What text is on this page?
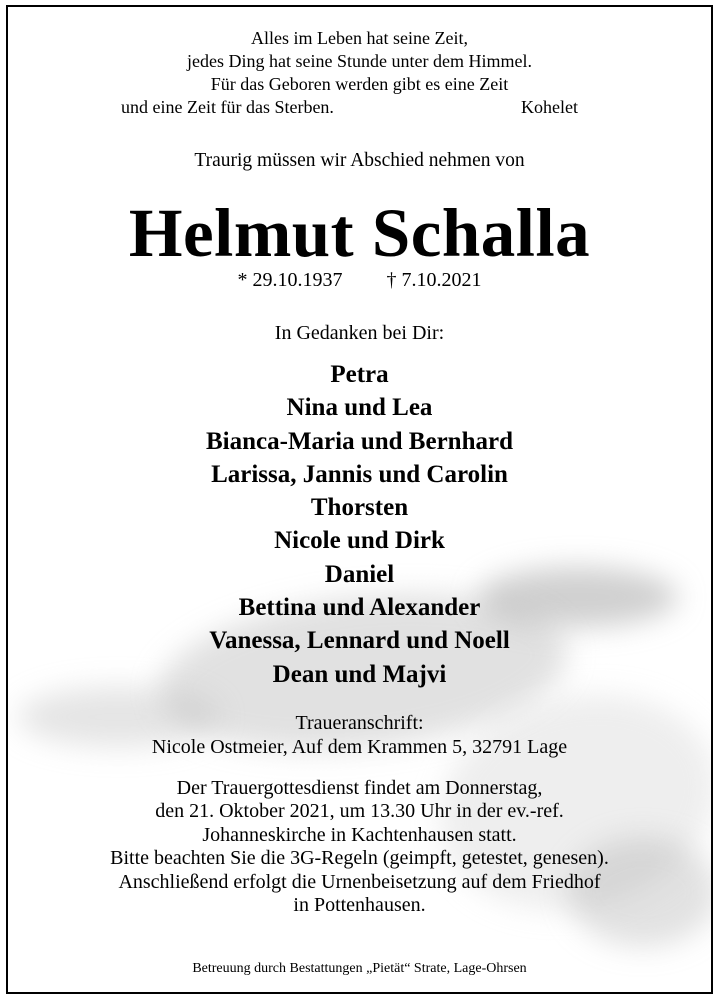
Alles im Leben hat seine Zeit,
jedes Ding hat seine Stunde unter dem Himmel.
Für das Geboren werden gibt es eine Zeit
und eine Zeit für das Sterben.	Kohelet
Traurig müssen wir Abschied nehmen von
Helmut Schalla
* 29.10.1937 † 7.10.2021
In Gedanken bei Dir:
Petra
Nina und Lea
Bianca-Maria und Bernhard
Larissa, Jannis und Carolin
Thorsten
Nicole und Dirk
Daniel
Bettina und Alexander
Vanessa, Lennard und Noell
Dean und Majvi
Traueranschrift:
Nicole Ostmeier, Auf dem Krammen 5, 32791 Lage
Der Trauergottesdienst findet am Donnerstag,
den 21. Oktober 2021, um 13.30 Uhr in der ev.-ref.
Johanneskirche in Kachtenhausen statt.
Bitte beachten Sie die 3G-Regeln (geimpft, getestet, genesen).
Anschließend erfolgt die Urnenbeisetzung auf dem Friedhof
in Pottenhausen.
Betreuung durch Bestattungen „Pietät“ Strate, Lage-Ohrsen
